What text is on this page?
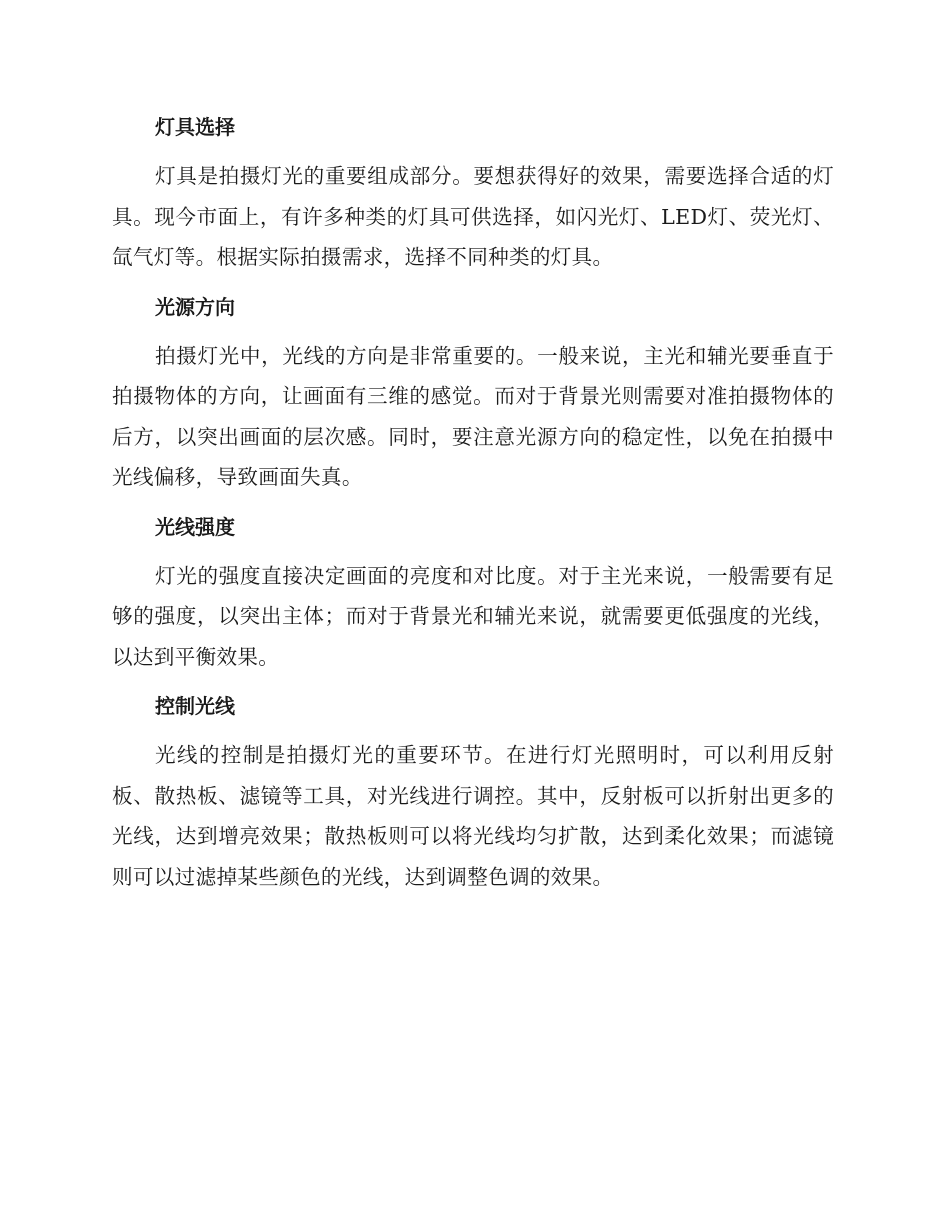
灯具选择

灯具是拍摄灯光的重要组成部分。要想获得好的效果，需要选择合适的灯具。现今市面上，有许多种类的灯具可供选择，如闪光灯、LED灯、荧光灯、氙气灯等。根据实际拍摄需求，选择不同种类的灯具。

光源方向

拍摄灯光中，光线的方向是非常重要的。一般来说，主光和辅光要垂直于拍摄物体的方向，让画面有三维的感觉。而对于背景光则需要对准拍摄物体的后方，以突出画面的层次感。同时，要注意光源方向的稳定性，以免在拍摄中光线偏移，导致画面失真。

光线强度

灯光的强度直接决定画面的亮度和对比度。对于主光来说，一般需要有足够的强度，以突出主体；而对于背景光和辅光来说，就需要更低强度的光线，以达到平衡效果。

控制光线

光线的控制是拍摄灯光的重要环节。在进行灯光照明时，可以利用反射板、散热板、滤镜等工具，对光线进行调控。其中，反射板可以折射出更多的光线，达到增亮效果；散热板则可以将光线均匀扩散，达到柔化效果；而滤镜则可以过滤掉某些颜色的光线，达到调整色调的效果。
